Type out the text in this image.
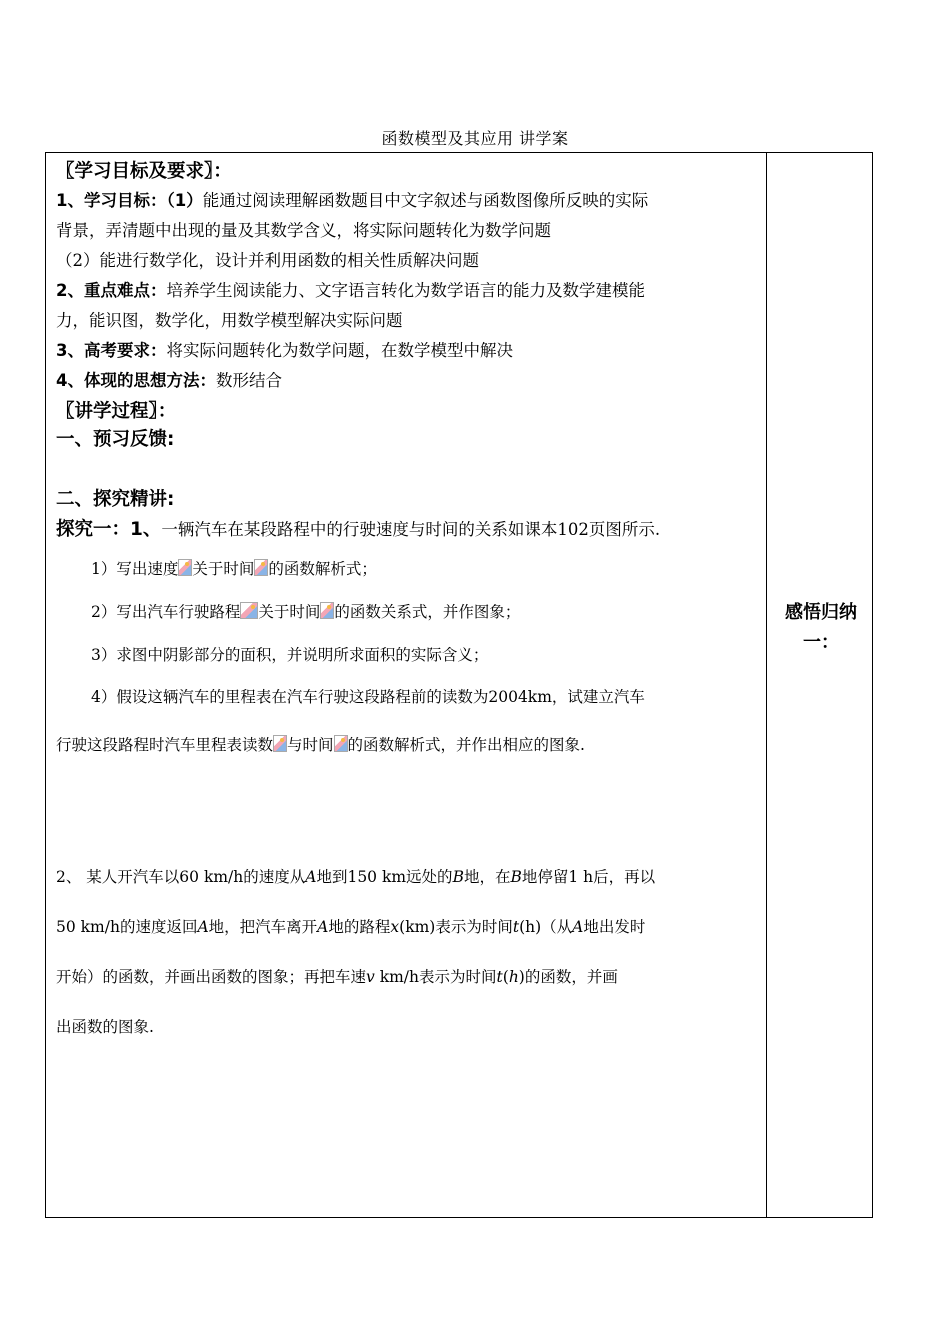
函数模型及其应用 讲学案
〖学习目标及要求〗：
1、学习目标：（1）能通过阅读理解函数题目中文字叙述与函数图像所反映的实际
背景，弄清题中出现的量及其数学含义，将实际问题转化为数学问题
（2）能进行数学化，设计并利用函数的相关性质解决问题
2、重点难点：培养学生阅读能力、文字语言转化为数学语言的能力及数学建模能
力，能识图，数学化，用数学模型解决实际问题
3、高考要求：将实际问题转化为数学问题，在数学模型中解决
4、体现的思想方法：数形结合
〖讲学过程〗：
一、预习反馈:
二、探究精讲:
探究一：1、一辆汽车在某段路程中的行驶速度与时间的关系如课本102页图所示.
1）写出速度 关于时间 的函数解析式；
2）写出汽车行驶路程 关于时间 的函数关系式，并作图象；
3）求图中阴影部分的面积，并说明所求面积的实际含义；
4）假设这辆汽车的里程表在汽车行驶这段路程前的读数为2004km，试建立汽车
行驶这段路程时汽车里程表读数 与时间 的函数解析式，并作出相应的图象.
2、 某人开汽车以60 km/h的速度从A地到150 km远处的B地，在B地停留1 h后，再以
50 km/h的速度返回A地，把汽车离开A地的路程x(km)表示为时间t(h)（从A地出发时
开始）的函数，并画出函数的图象；再把车速v km/h表示为时间t(h)的函数，并画
出函数的图象.
感悟归纳
一：
